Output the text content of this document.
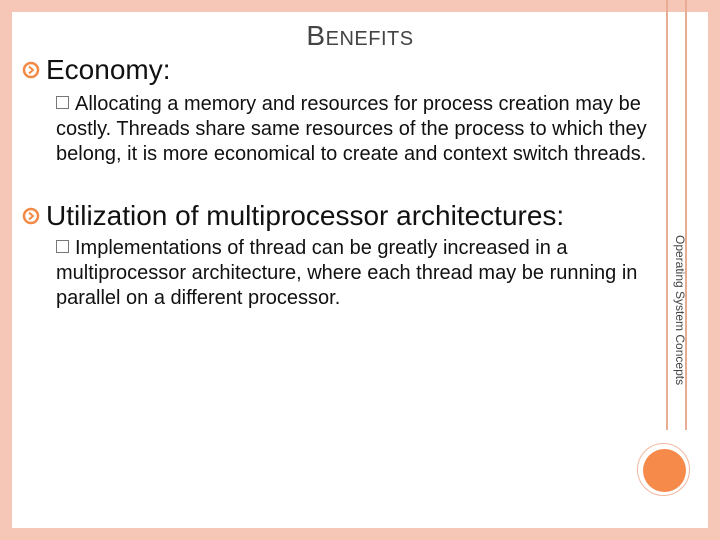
BENEFITS
Economy:
Allocating a memory and resources for process creation may be costly. Threads share same resources of the process to which they belong, it is more economical to create and context switch threads.
Utilization of multiprocessor architectures:
Implementations of thread can be greatly increased in a multiprocessor architecture, where each thread may be running in parallel on a different processor.	Operating System Concepts
